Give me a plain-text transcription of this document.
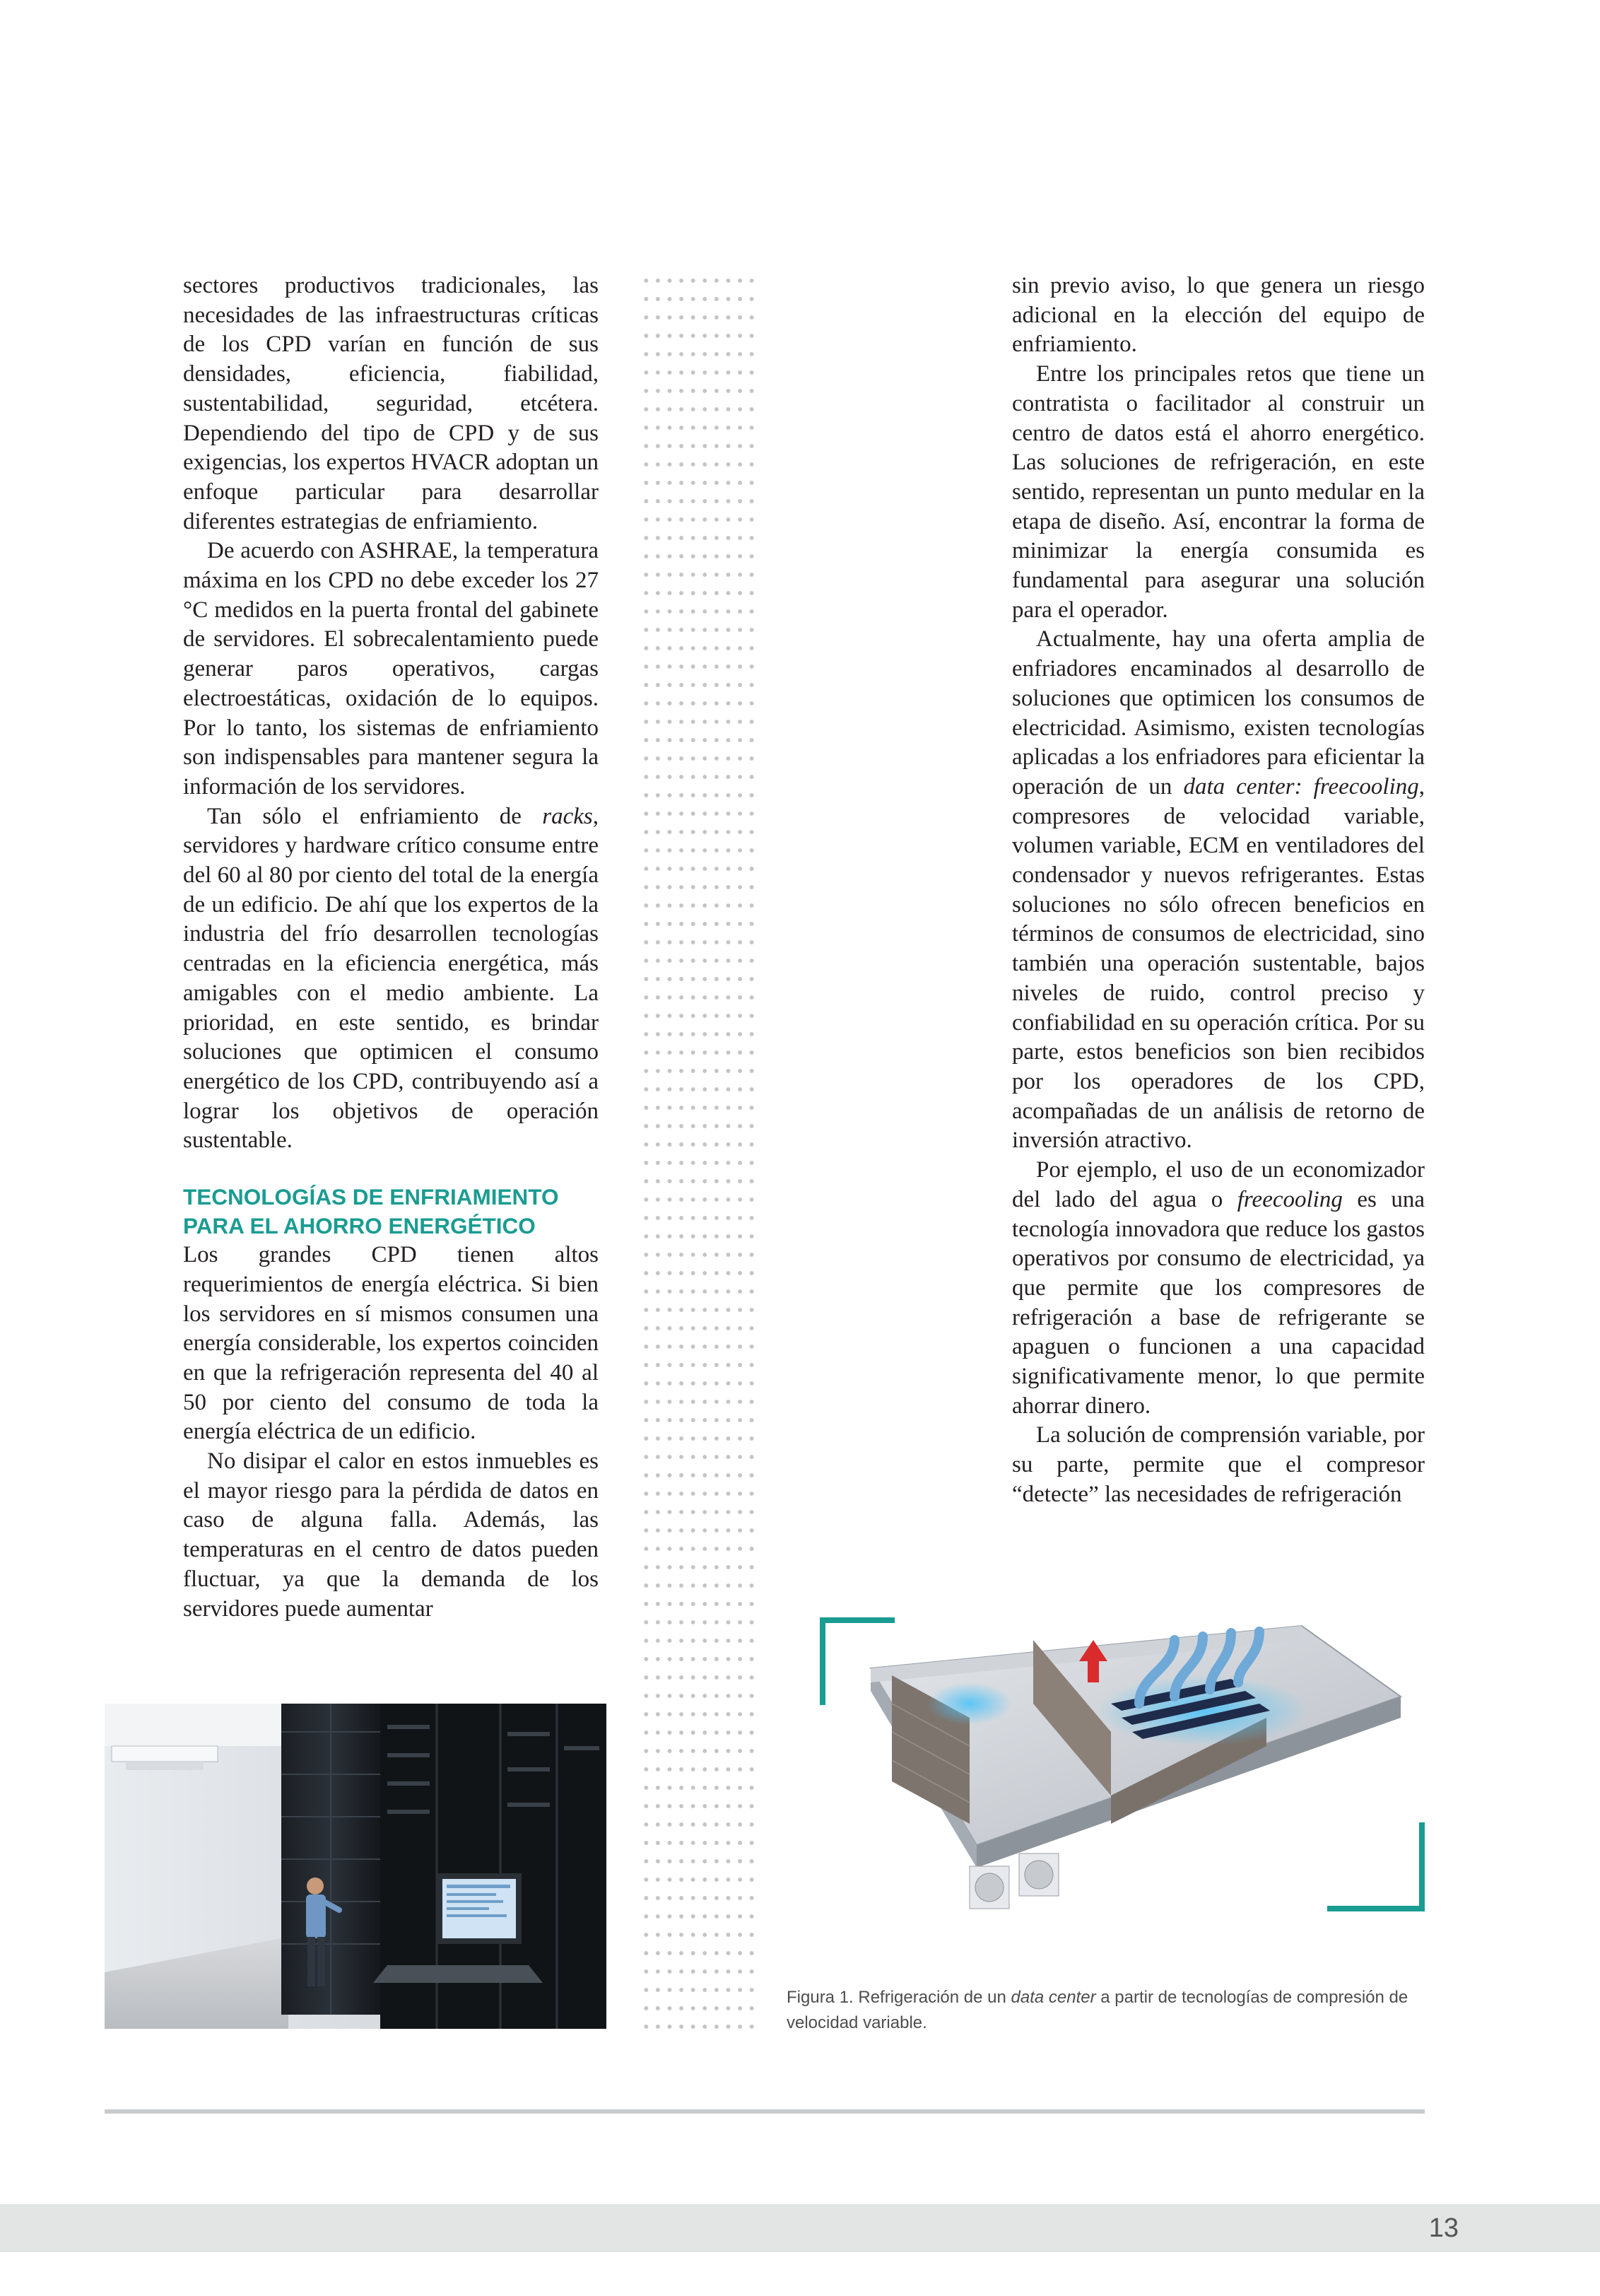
sectores productivos tradicionales, las necesidades de las infraestructuras críticas de los CPD varían en función de sus densidades, eficiencia, fiabilidad, sustentabilidad, seguridad, etcétera. Dependiendo del tipo de CPD y de sus exigencias, los expertos HVACR adoptan un enfoque particular para desarrollar diferentes estrategias de enfriamiento.

De acuerdo con ASHRAE, la temperatura máxima en los CPD no debe exceder los 27 °C medidos en la puerta frontal del gabinete de servidores. El sobrecalentamiento puede generar paros operativos, cargas electroestáticas, oxidación de lo equipos. Por lo tanto, los sistemas de enfriamiento son indispensables para mantener segura la información de los servidores.

Tan sólo el enfriamiento de racks, servidores y hardware crítico consume entre del 60 al 80 por ciento del total de la energía de un edificio. De ahí que los expertos de la industria del frío desarrollen tecnologías centradas en la eficiencia energética, más amigables con el medio ambiente. La prioridad, en este sentido, es brindar soluciones que optimicen el consumo energético de los CPD, contribuyendo así a lograr los objetivos de operación sustentable.

TECNOLOGÍAS DE ENFRIAMIENTO
PARA EL AHORRO ENERGÉTICO

Los grandes CPD tienen altos requerimientos de energía eléctrica. Si bien los servidores en sí mismos consumen una energía considerable, los expertos coinciden en que la refrigeración representa del 40 al 50 por ciento del consumo de toda la energía eléctrica de un edificio.

No disipar el calor en estos inmuebles es el mayor riesgo para la pérdida de datos en caso de alguna falla. Además, las temperaturas en el centro de datos pueden fluctuar, ya que la demanda de los servidores puede aumentar

sin previo aviso, lo que genera un riesgo adicional en la elección del equipo de enfriamiento.

Entre los principales retos que tiene un contratista o facilitador al construir un centro de datos está el ahorro energético. Las soluciones de refrigeración, en este sentido, representan un punto medular en la etapa de diseño. Así, encontrar la forma de minimizar la energía consumida es fundamental para asegurar una solución para el operador.

Actualmente, hay una oferta amplia de enfriadores encaminados al desarrollo de soluciones que optimicen los consumos de electricidad. Asimismo, existen tecnologías aplicadas a los enfriadores para eficientar la operación de un data center: freecooling, compresores de velocidad variable, volumen variable, ECM en ventiladores del condensador y nuevos refrigerantes. Estas soluciones no sólo ofrecen beneficios en términos de consumos de electricidad, sino también una operación sustentable, bajos niveles de ruido, control preciso y confiabilidad en su operación crítica. Por su parte, estos beneficios son bien recibidos por los operadores de los CPD, acompañadas de un análisis de retorno de inversión atractivo.

Por ejemplo, el uso de un economizador del lado del agua o freecooling es una tecnología innovadora que reduce los gastos operativos por consumo de electricidad, ya que permite que los compresores de refrigeración a base de refrigerante se apaguen o funcionen a una capacidad significativamente menor, lo que permite ahorrar dinero.

La solución de comprensión variable, por su parte, permite que el compresor “detecte” las necesidades de refrigeración

Figura 1. Refrigeración de un data center a partir de tecnologías de compresión de velocidad variable.
13
